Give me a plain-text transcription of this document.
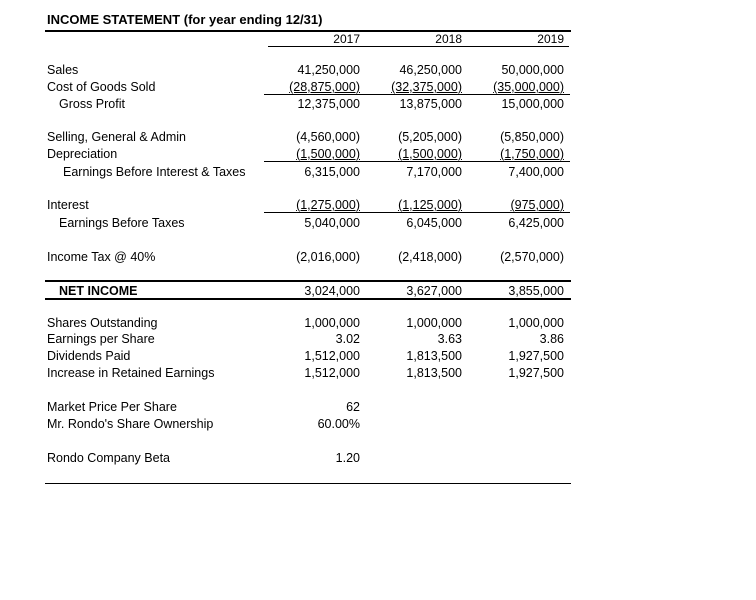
INCOME STATEMENT (for year ending 12/31)
2017	2018	2019
Sales	41,250,000	46,250,000	50,000,000
Cost of Goods Sold	(28,875,000) (32,375,000) (35,000,000)
Gross Profit	12,375,000	13,875,000	15,000,000
Selling, General & Admin	(4,560,000)	(5,205,000)	(5,850,000)
Depreciation	(1,500,000)	(1,500,000)	(1,750,000)
Earnings Before Interest & Taxes	6,315,000	7,170,000	7,400,000
Interest	(1,275,000)	(1,125,000)	(975,000)
Earnings Before Taxes	5,040,000	6,045,000	6,425,000
Income Tax @ 40%	(2,016,000)	(2,418,000)	(2,570,000)
NET INCOME	3,024,000	3,627,000	3,855,000
Shares Outstanding	1,000,000	1,000,000	1,000,000
Earnings per Share	3.02	3.63	3.86
Dividends Paid	1,512,000	1,813,500	1,927,500
Increase in Retained Earnings	1,512,000	1,813,500	1,927,500
Market Price Per Share	62
Mr. Rondo's Share Ownership	60.00%
Rondo Company Beta	1.20
